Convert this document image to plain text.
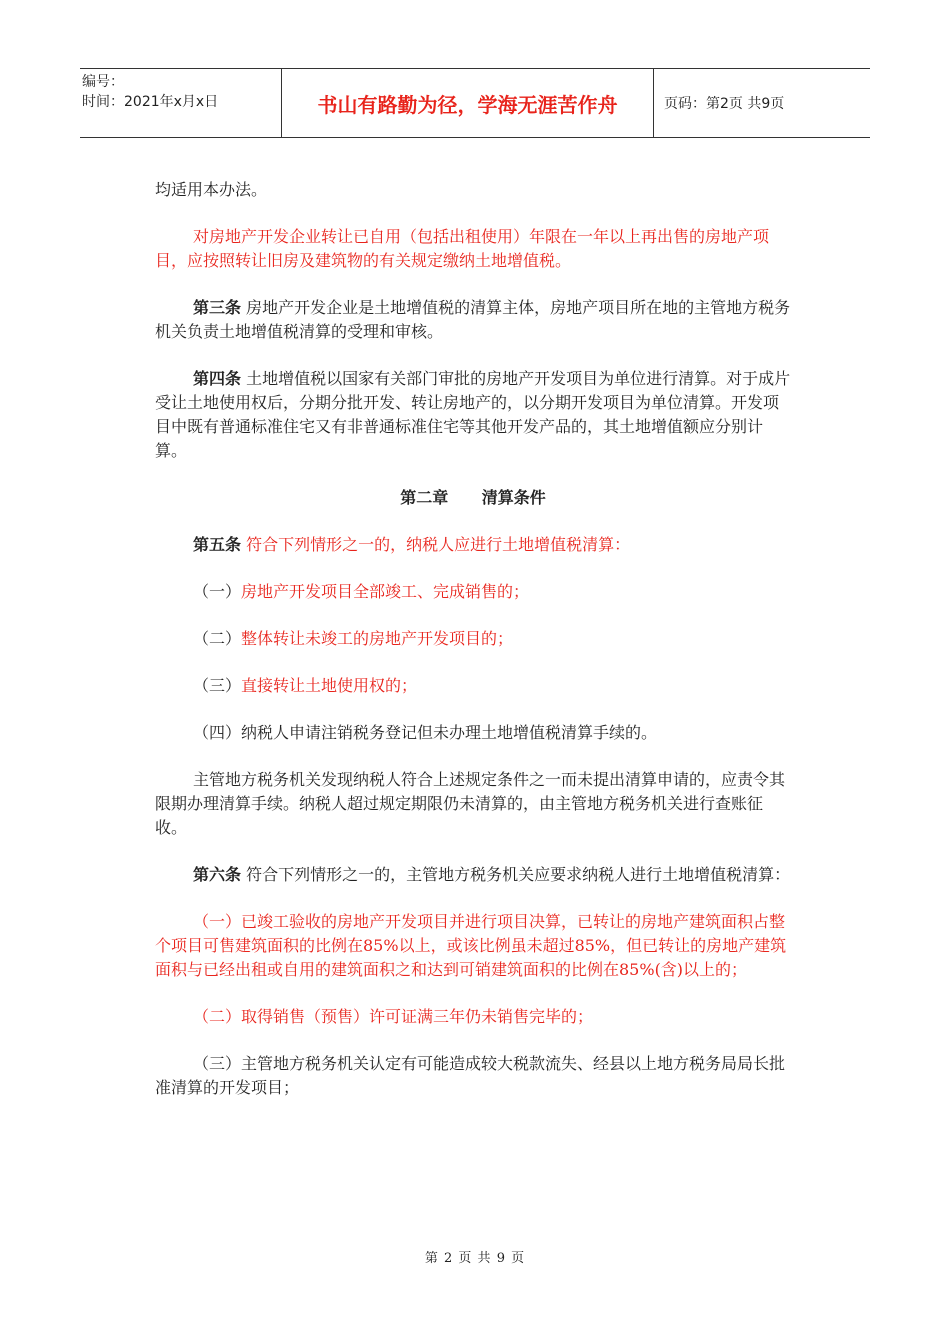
编号：
时间：2021年x月x日	书山有路勤为径，学海无涯苦作舟	页码：第2页 共9页

均适用本办法。

对房地产开发企业转让已自用（包括出租使用）年限在一年以上再出售的房地产项目，应按照转让旧房及建筑物的有关规定缴纳土地增值税。

第三条 房地产开发企业是土地增值税的清算主体，房地产项目所在地的主管地方税务机关负责土地增值税清算的受理和审核。

第四条 土地增值税以国家有关部门审批的房地产开发项目为单位进行清算。对于成片受让土地使用权后，分期分批开发、转让房地产的，以分期开发项目为单位清算。开发项目中既有普通标准住宅又有非普通标准住宅等其他开发产品的，其土地增值额应分别计算。

第二章      清算条件

第五条 符合下列情形之一的，纳税人应进行土地增值税清算：

（一）房地产开发项目全部竣工、完成销售的；

（二）整体转让未竣工的房地产开发项目的；

（三）直接转让土地使用权的；

（四）纳税人申请注销税务登记但未办理土地增值税清算手续的。

主管地方税务机关发现纳税人符合上述规定条件之一而未提出清算申请的，应责令其限期办理清算手续。纳税人超过规定期限仍未清算的，由主管地方税务机关进行查账征收。

第六条 符合下列情形之一的，主管地方税务机关应要求纳税人进行土地增值税清算：

（一）已竣工验收的房地产开发项目并进行项目决算，已转让的房地产建筑面积占整个项目可售建筑面积的比例在85%以上，或该比例虽未超过85%，但已转让的房地产建筑面积与已经出租或自用的建筑面积之和达到可销建筑面积的比例在85%(含)以上的；

（二）取得销售（预售）许可证满三年仍未销售完毕的；

（三）主管地方税务机关认定有可能造成较大税款流失、经县以上地方税务局局长批准清算的开发项目；

第 2 页 共 9 页
